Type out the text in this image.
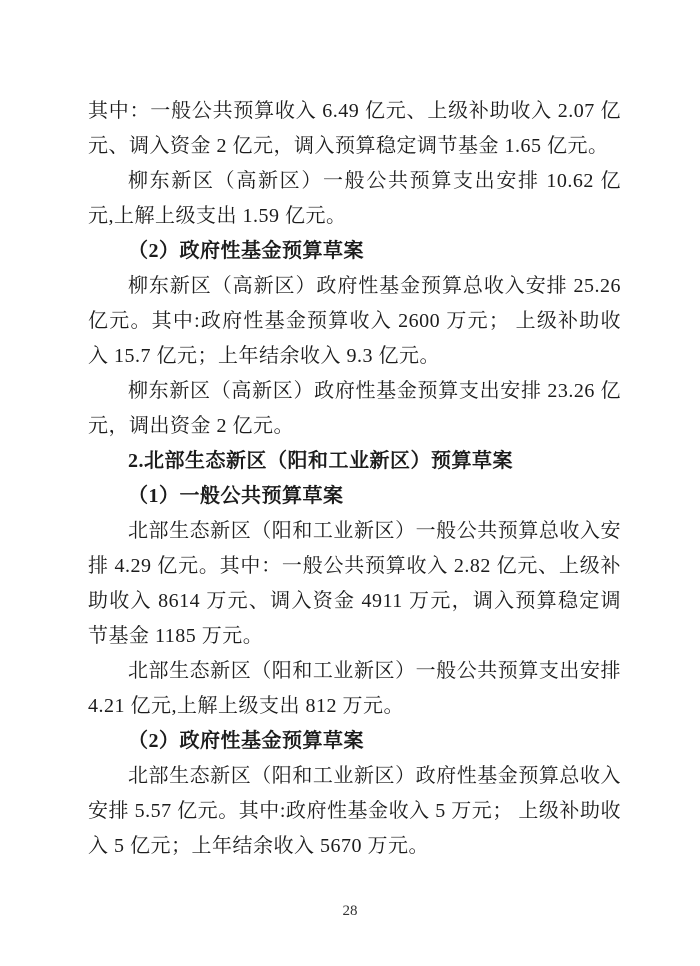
其中：一般公共预算收入 6.49 亿元、上级补助收入 2.07 亿元、调入资金 2 亿元，调入预算稳定调节基金 1.65 亿元。

柳东新区（高新区）一般公共预算支出安排 10.62 亿元,上解上级支出 1.59 亿元。

（2）政府性基金预算草案

柳东新区（高新区）政府性基金预算总收入安排 25.26 亿元。其中:政府性基金预算收入 2600 万元； 上级补助收入 15.7 亿元；上年结余收入 9.3 亿元。

柳东新区（高新区）政府性基金预算支出安排 23.26 亿元，调出资金 2 亿元。

2.北部生态新区（阳和工业新区）预算草案

（1）一般公共预算草案

北部生态新区（阳和工业新区）一般公共预算总收入安排 4.29 亿元。其中：一般公共预算收入 2.82 亿元、上级补助收入 8614 万元、调入资金 4911 万元，调入预算稳定调节基金 1185 万元。

北部生态新区（阳和工业新区）一般公共预算支出安排 4.21 亿元,上解上级支出 812 万元。

（2）政府性基金预算草案

北部生态新区（阳和工业新区）政府性基金预算总收入安排 5.57 亿元。其中:政府性基金收入 5 万元； 上级补助收入 5 亿元；上年结余收入 5670 万元。

28
